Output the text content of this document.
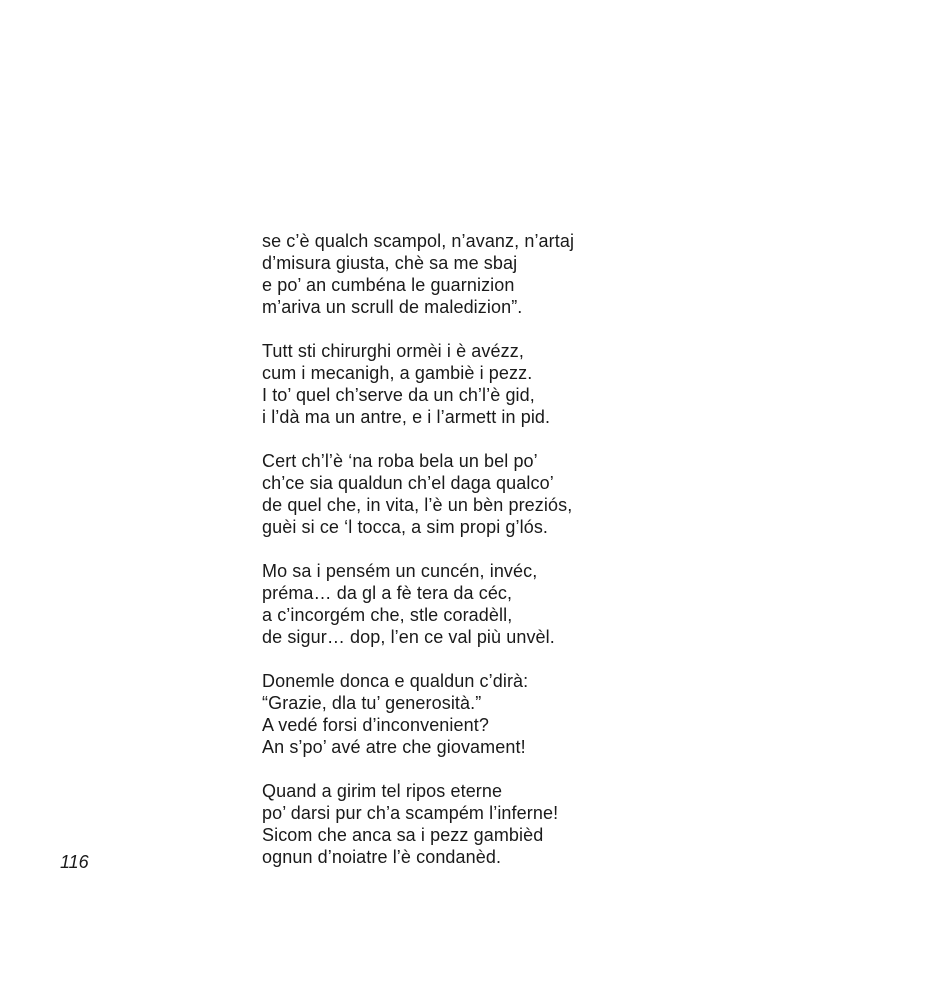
se c’è qualch scampol, n’avanz, n’artaj
d’misura giusta, chè sa me sbaj
e po’ an cumbéna le guarnizion
m’ariva un scrull de maledizion”.
Tutt sti chirurghi ormèi i è avézz,
cum i mecanigh, a gambiè i pezz.
I to’ quel ch’serve da un ch’l’è gid,
i l’dà ma un antre, e i l’armett in pid.
Cert ch’l’è ‘na roba bela un bel po’
ch’ce sia qualdun ch’el daga qualco’
de quel che, in vita, l’è un bèn preziós,
guèi si ce ‘l tocca, a sim propi g’lós.
Mo sa i pensém un cuncén, invéc,
préma… da gl a fè tera da céc,
a c’incorgém che, stle coradèll,
de sigur… dop, l’en ce val più unvèl.
Donemle donca e qualdun c’dirà:
“Grazie, dla tu’ generosità.”
A vedé forsi d’inconvenient?
An s’po’ avé atre che giovament!
Quand a girim tel ripos eterne
po’ darsi pur ch’a scampém l’inferne!
Sicom che anca sa i pezz gambièd
ognun d’noiatre l’è condanèd.
116
